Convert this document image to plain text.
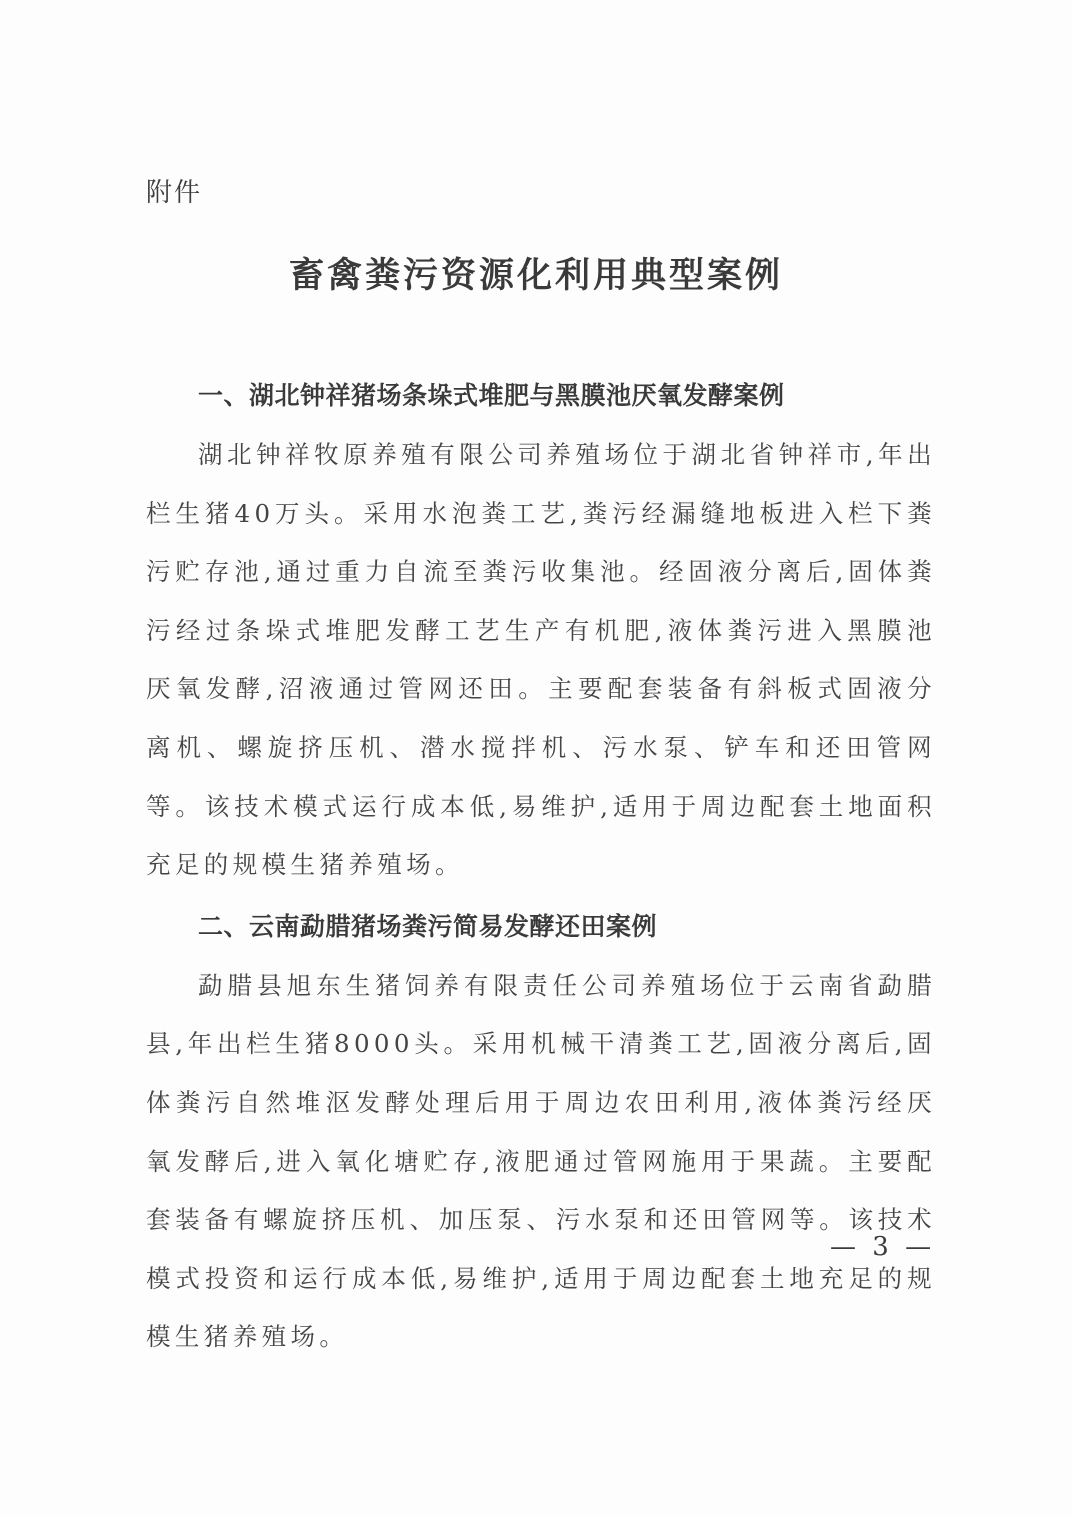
附件
畜禽粪污资源化利用典型案例
一、湖北钟祥猪场条垛式堆肥与黑膜池厌氧发酵案例

湖北钟祥牧原养殖有限公司养殖场位于湖北省钟祥市,年出栏生猪40万头。采用水泡粪工艺,粪污经漏缝地板进入栏下粪污贮存池,通过重力自流至粪污收集池。经固液分离后,固体粪污经过条垛式堆肥发酵工艺生产有机肥,液体粪污进入黑膜池厌氧发酵,沼液通过管网还田。主要配套装备有斜板式固液分离机、螺旋挤压机、潜水搅拌机、污水泵、铲车和还田管网等。该技术模式运行成本低,易维护,适用于周边配套土地面积充足的规模生猪养殖场。

二、云南勐腊猪场粪污简易发酵还田案例

勐腊县旭东生猪饲养有限责任公司养殖场位于云南省勐腊县,年出栏生猪8000头。采用机械干清粪工艺,固液分离后,固体粪污自然堆沤发酵处理后用于周边农田利用,液体粪污经厌氧发酵后,进入氧化塘贮存,液肥通过管网施用于果蔬。主要配套装备有螺旋挤压机、加压泵、污水泵和还田管网等。该技术模式投资和运行成本低,易维护,适用于周边配套土地充足的规模生猪养殖场。

— 3 —
